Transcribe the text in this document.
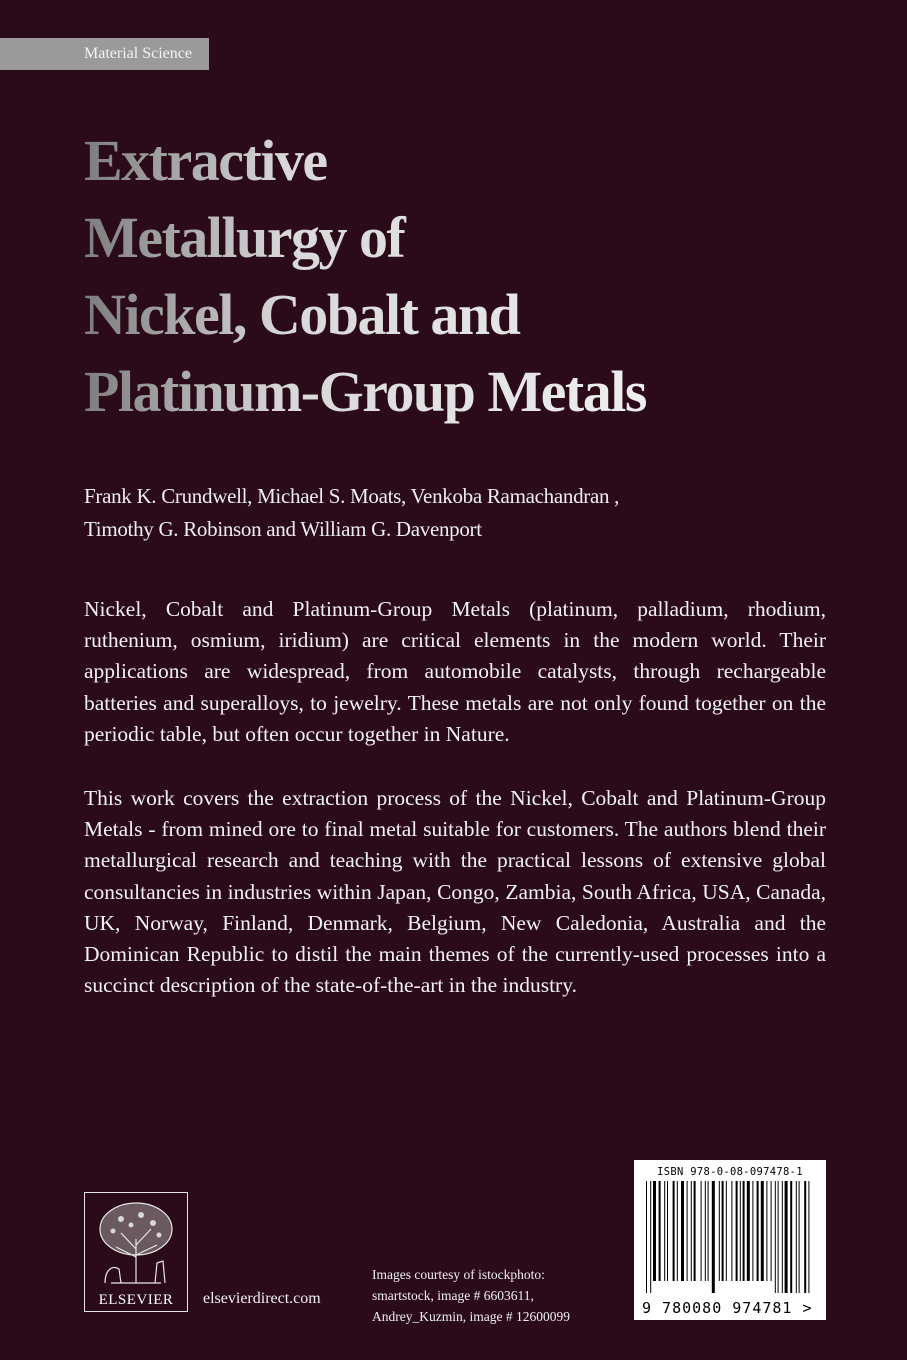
Material Science
Extractive
Metallurgy of
Nickel, Cobalt and
Platinum-Group Metals
Frank K. Crundwell, Michael S. Moats, Venkoba Ramachandran ,
Timothy G. Robinson and William G. Davenport

Nickel, Cobalt and Platinum-Group Metals (platinum, palladium, rhodium, ruthenium, osmium, iridium) are critical elements in the modern world. Their applications are widespread, from automobile catalysts, through rechargeable batteries and superalloys, to jewelry. These metals are not only found together on the periodic table, but often occur together in Nature.

This work covers the extraction process of the Nickel, Cobalt and Platinum-Group Metals - from mined ore to final metal suitable for customers. The authors blend their metallurgical research and teaching with the practical lessons of extensive global consultancies in industries within Japan, Congo, Zambia, South Africa, USA, Canada, UK, Norway, Finland, Denmark, Belgium, New Caledonia, Australia and the Dominican Republic to distil the main themes of the currently-used processes into a succinct description of the state-of-the-art in the industry.

ELSEVIER	elsevierdirect.com
Images courtesy of istockphoto:
smartstock, image # 6603611,
Andrey_Kuzmin, image # 12600099
ISBN 978-0-08-097478-1
9 780080 974781 >
